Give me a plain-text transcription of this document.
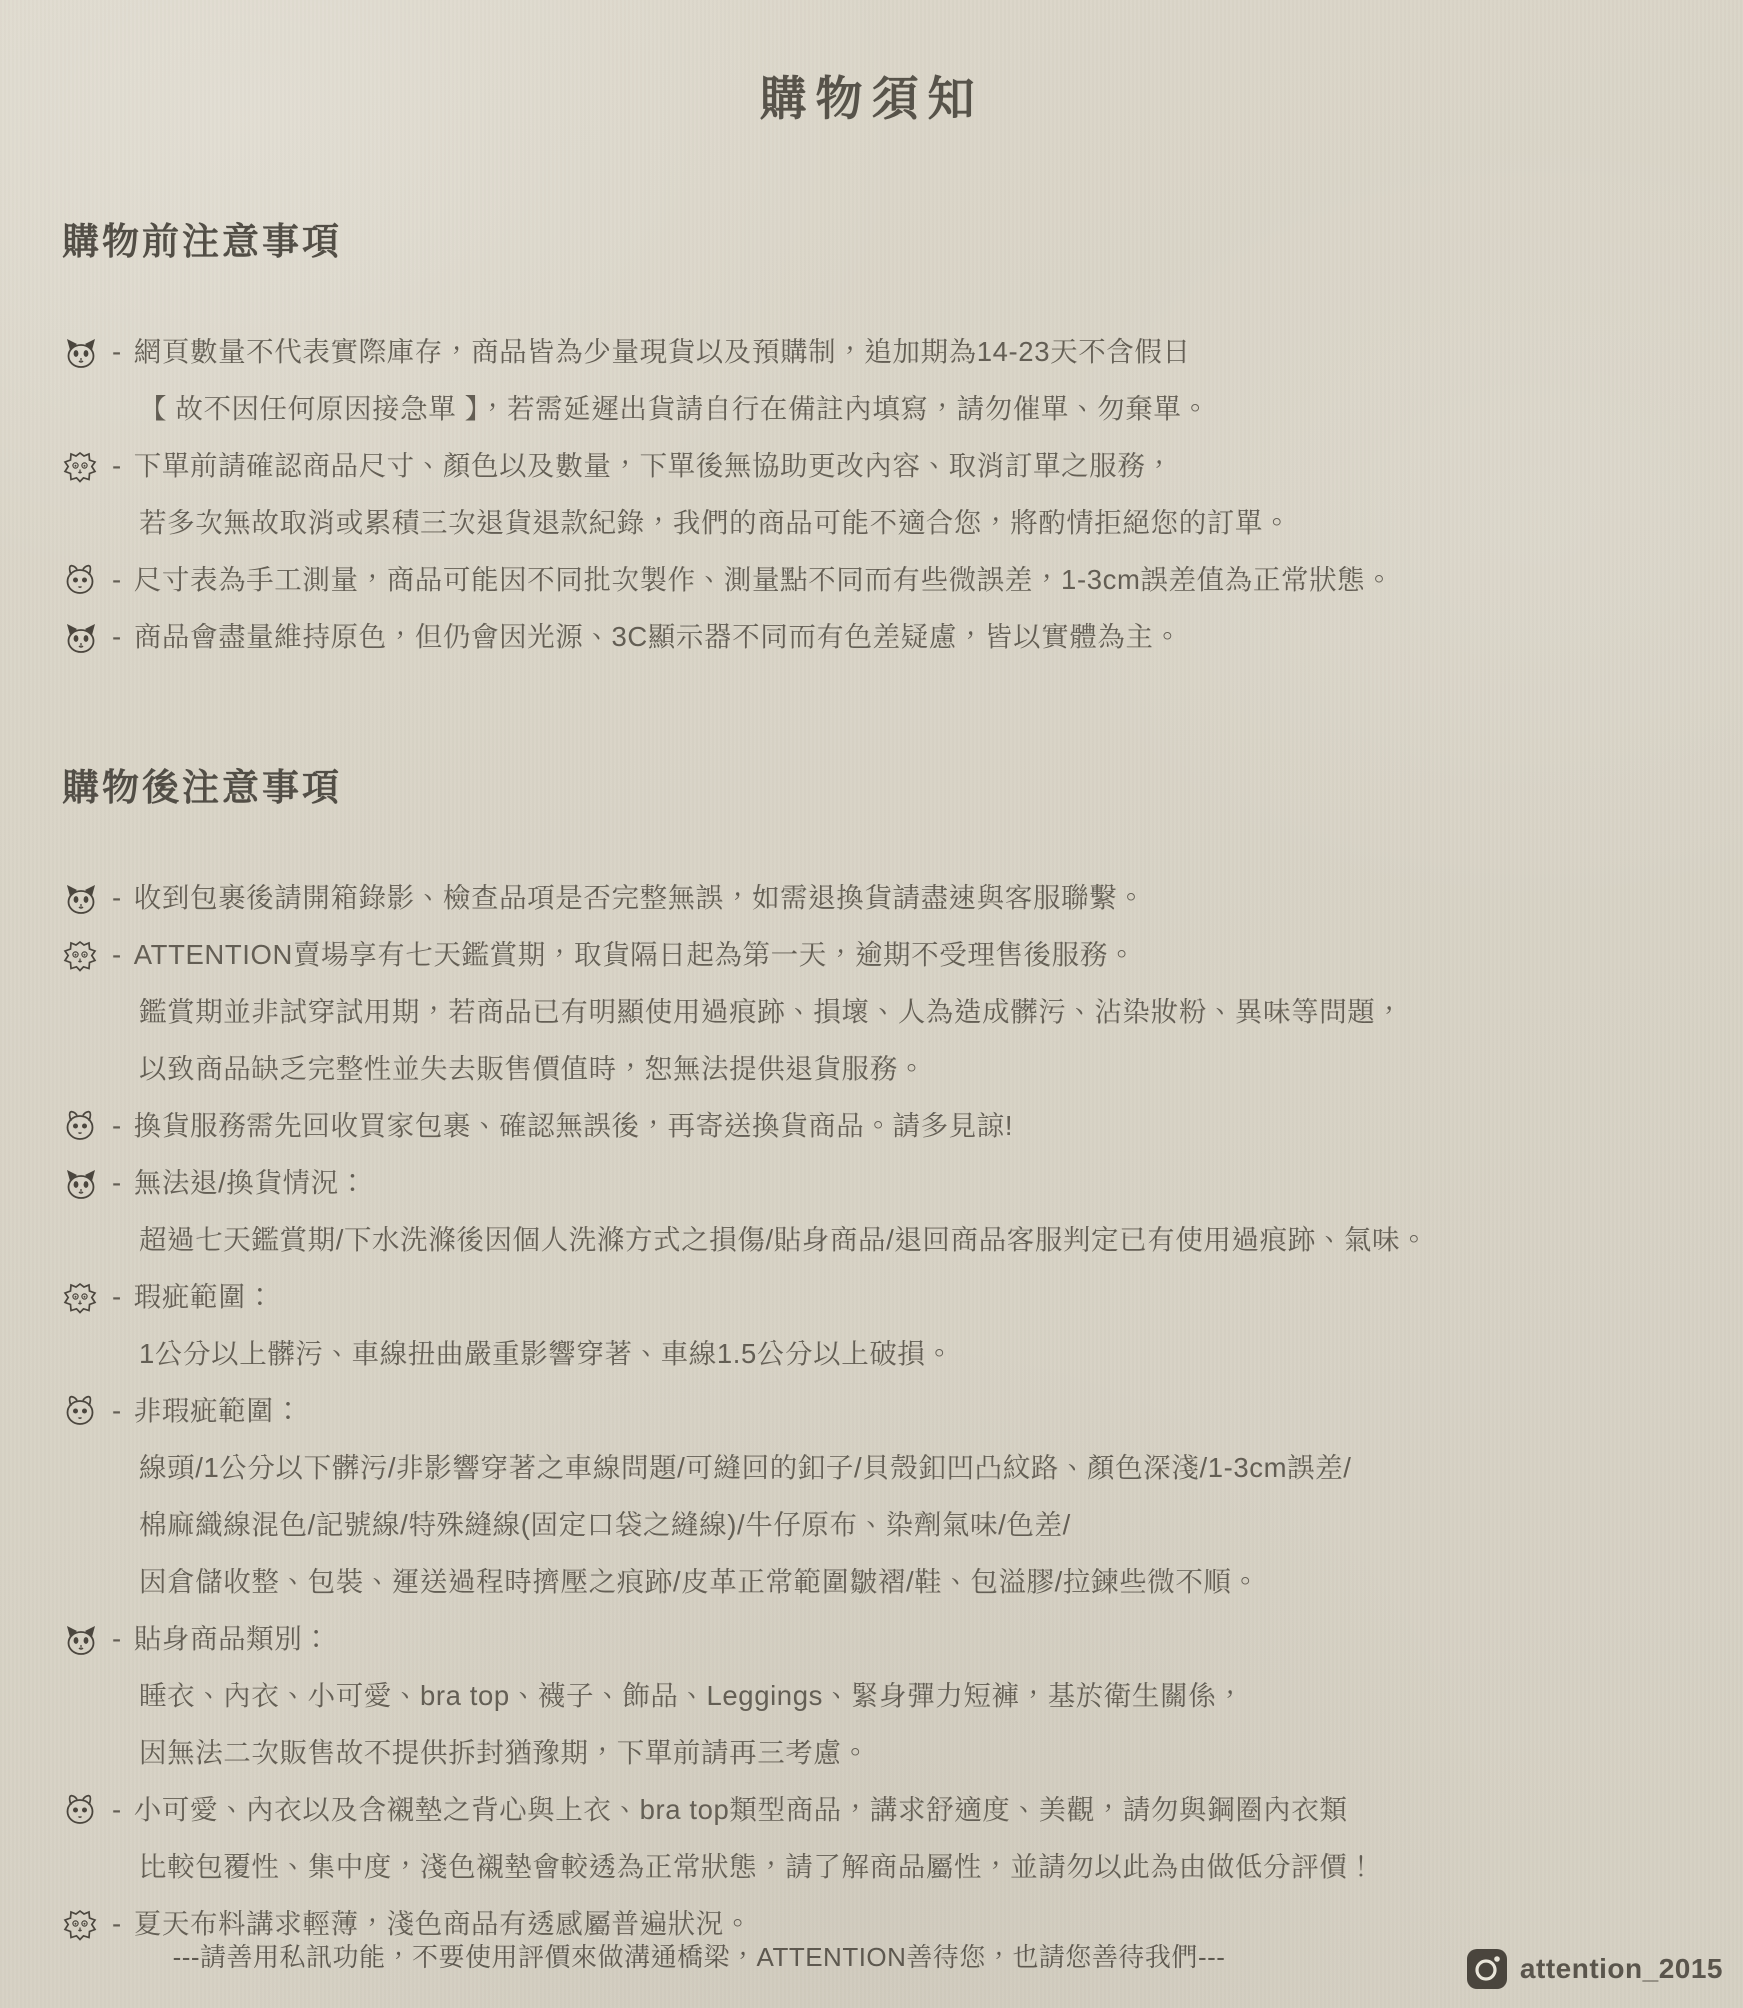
購物須知
購物前注意事項
- 網頁數量不代表實際庫存，商品皆為少量現貨以及預購制，追加期為14-23天不含假日
【 故不因任何原因接急單 】，若需延遲出貨請自行在備註內填寫，請勿催單、勿棄單。
- 下單前請確認商品尺寸、顏色以及數量，下單後無協助更改內容、取消訂單之服務，
若多次無故取消或累積三次退貨退款紀錄，我們的商品可能不適合您，將酌情拒絕您的訂單。
- 尺寸表為手工測量，商品可能因不同批次製作、測量點不同而有些微誤差，1-3cm誤差值為正常狀態。
- 商品會盡量維持原色，但仍會因光源、3C顯示器不同而有色差疑慮，皆以實體為主。
購物後注意事項
- 收到包裹後請開箱錄影、檢查品項是否完整無誤，如需退換貨請盡速與客服聯繫。
- ATTENTION賣場享有七天鑑賞期，取貨隔日起為第一天，逾期不受理售後服務。
鑑賞期並非試穿試用期，若商品已有明顯使用過痕跡、損壞、人為造成髒污、沾染妝粉、異味等問題，
以致商品缺乏完整性並失去販售價值時，恕無法提供退貨服務。
- 換貨服務需先回收買家包裹、確認無誤後，再寄送換貨商品。請多見諒!
- 無法退/換貨情況：
超過七天鑑賞期/下水洗滌後因個人洗滌方式之損傷/貼身商品/退回商品客服判定已有使用過痕跡、氣味。
- 瑕疵範圍：
1公分以上髒污、車線扭曲嚴重影響穿著、車線1.5公分以上破損。
- 非瑕疵範圍：
線頭/1公分以下髒污/非影響穿著之車線問題/可縫回的釦子/貝殼釦凹凸紋路、顏色深淺/1-3cm誤差/
棉麻織線混色/記號線/特殊縫線(固定口袋之縫線)/牛仔原布、染劑氣味/色差/
因倉儲收整、包裝、運送過程時擠壓之痕跡/皮革正常範圍皺褶/鞋、包溢膠/拉鍊些微不順。
- 貼身商品類別：
睡衣、內衣、小可愛、bra top、襪子、飾品、Leggings、緊身彈力短褲，基於衛生關係，
因無法二次販售故不提供拆封猶豫期，下單前請再三考慮。
- 小可愛、內衣以及含襯墊之背心與上衣、bra top類型商品，講求舒適度、美觀，請勿與鋼圈內衣類
比較包覆性、集中度，淺色襯墊會較透為正常狀態，請了解商品屬性，並請勿以此為由做低分評價！
- 夏天布料講求輕薄，淺色商品有透感屬普遍狀況。
---請善用私訊功能，不要使用評價來做溝通橋梁，ATTENTION善待您，也請您善待我們---	attention_2015
